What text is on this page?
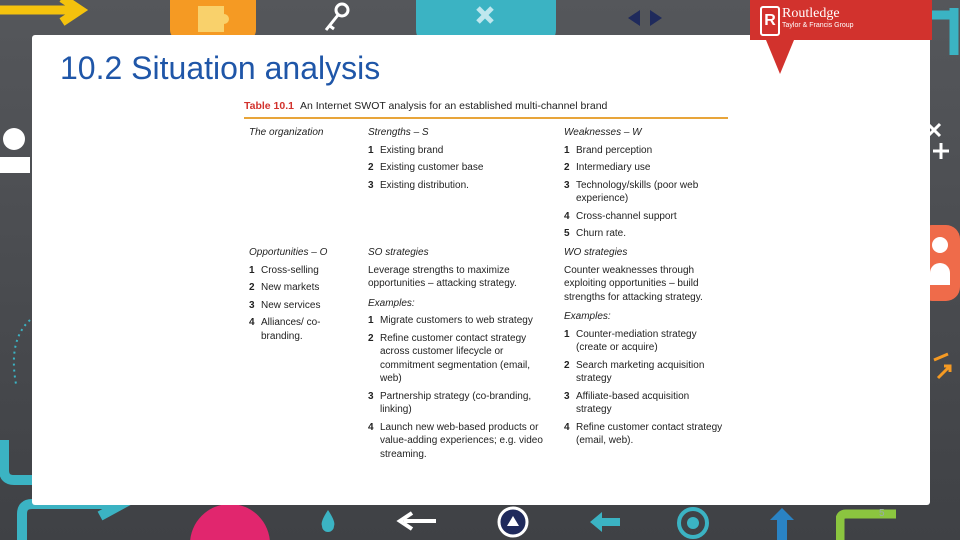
R Routledge
Taylor & Francis Group
10.2 Situation analysis
Table 10.1 An Internet SWOT analysis for an established multi-channel brand
The organization	Strengths – S
1 Existing brand
2 Existing customer base
3 Existing distribution.
Weaknesses – W
1 Brand perception
2 Intermediary use
3 Technology/skills (poor web experience)
4 Cross-channel support
5 Churn rate.
Opportunities – O
1 Cross-selling
2 New markets
3 New services
4 Alliances/ co-branding.
SO strategies
Leverage strengths to maximize opportunities – attacking strategy.
Examples:
1 Migrate customers to web strategy
2 Refine customer contact strategy across customer lifecycle or commitment segmentation (email, web)
3 Partnership strategy (co-branding, linking)
4 Launch new web-based products or value-adding experiences; e.g. video streaming.
WO strategies
Counter weaknesses through exploiting opportunities – build strengths for attacking strategy.
Examples:
1 Counter-mediation strategy (create or acquire)
2 Search marketing acquisition strategy
3 Affiliate-based acquisition strategy
4 Refine customer contact strategy (email, web).
5
